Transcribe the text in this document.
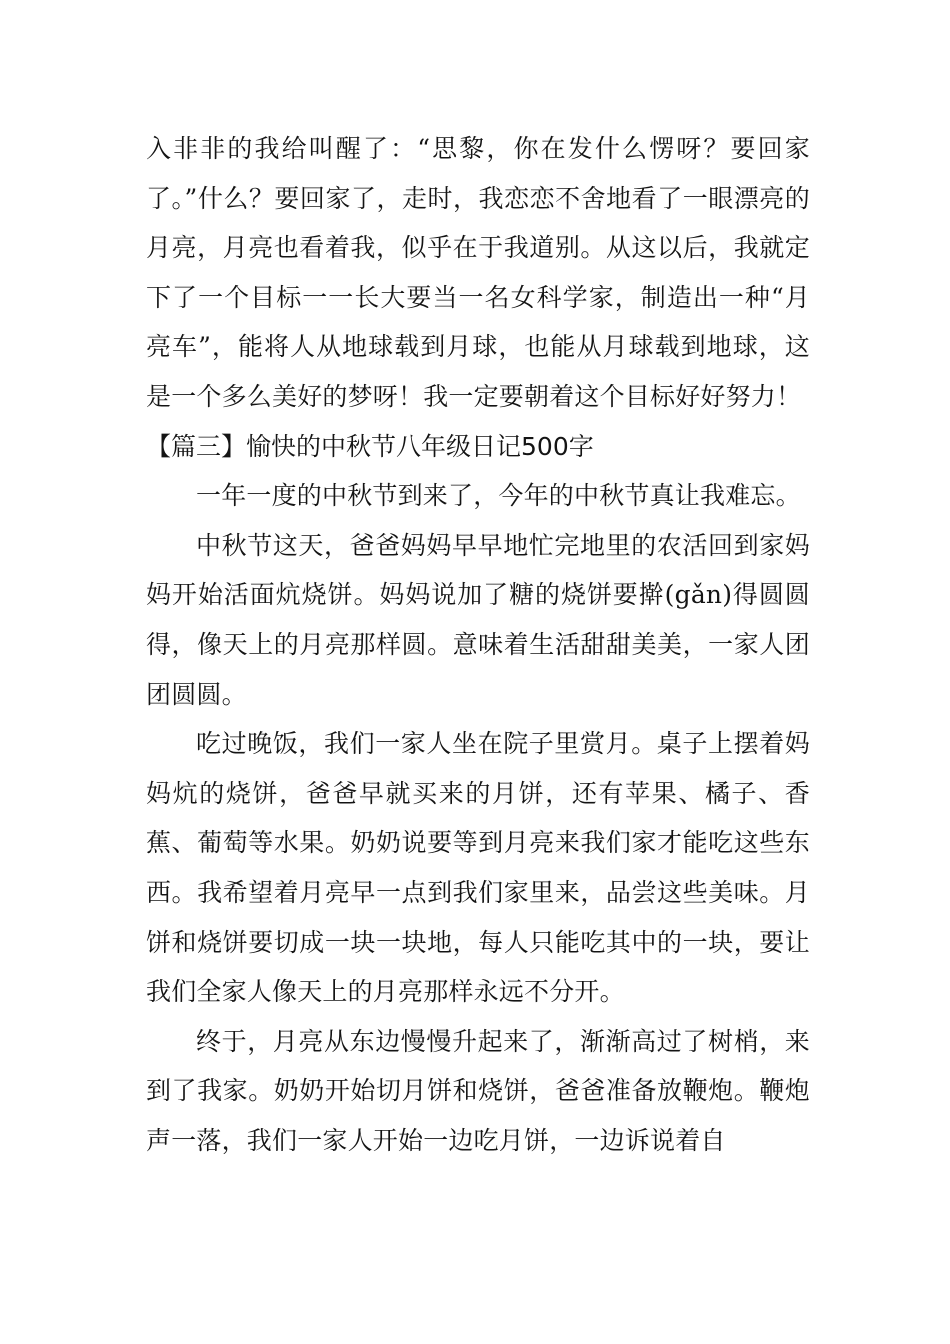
入非非的我给叫醒了：“思黎，你在发什么愣呀？要回家了。”什么？要回家了，走时，我恋恋不舍地看了一眼漂亮的月亮，月亮也看着我，似乎在于我道别。从这以后，我就定下了一个目标一一长大要当一名女科学家，制造出一种“月亮车”，能将人从地球载到月球，也能从月球载到地球，这是一个多么美好的梦呀！我一定要朝着这个目标好好努力！

【篇三】愉快的中秋节八年级日记500字

一年一度的中秋节到来了，今年的中秋节真让我难忘。

中秋节这天，爸爸妈妈早早地忙完地里的农活回到家妈妈开始活面炕烧饼。妈妈说加了糖的烧饼要擀(gǎn)得圆圆得，像天上的月亮那样圆。意味着生活甜甜美美，一家人团团圆圆。

吃过晚饭，我们一家人坐在院子里赏月。桌子上摆着妈妈炕的烧饼，爸爸早就买来的月饼，还有苹果、橘子、香蕉、葡萄等水果。奶奶说要等到月亮来我们家才能吃这些东西。我希望着月亮早一点到我们家里来，品尝这些美味。月饼和烧饼要切成一块一块地，每人只能吃其中的一块，要让我们全家人像天上的月亮那样永远不分开。

终于，月亮从东边慢慢升起来了，渐渐高过了树梢，来到了我家。奶奶开始切月饼和烧饼，爸爸准备放鞭炮。鞭炮声一落，我们一家人开始一边吃月饼，一边诉说着自
